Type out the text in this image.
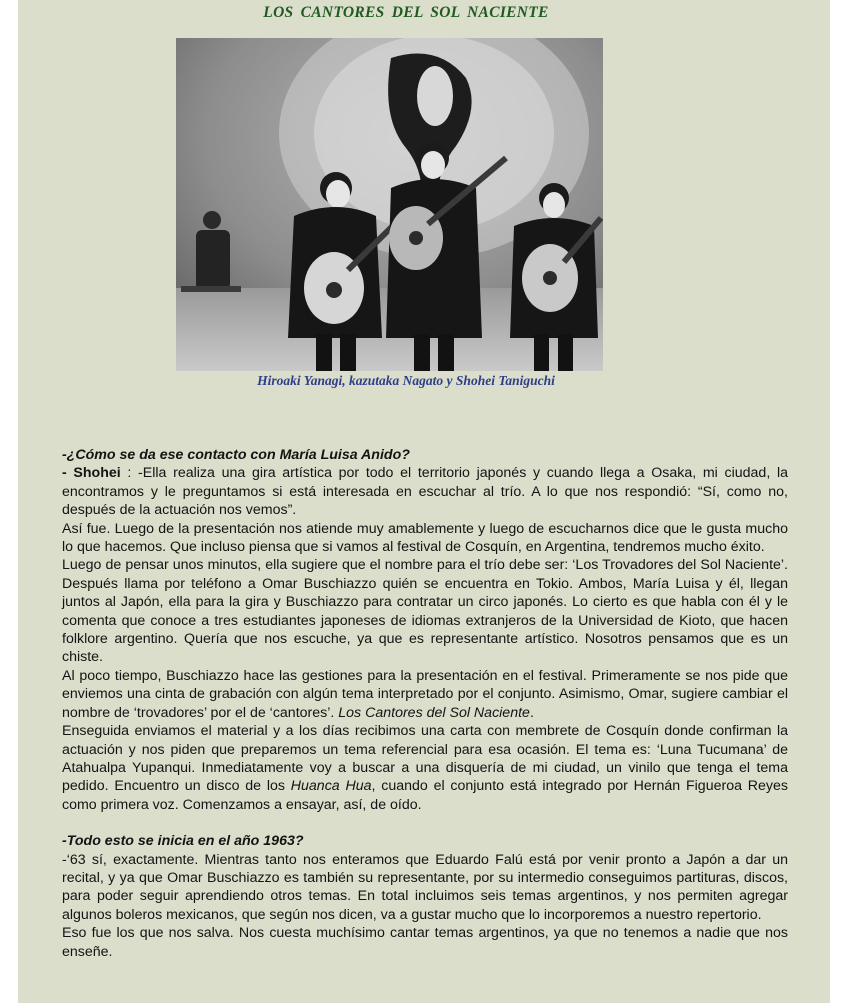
LOS CANTORES DEL SOL NACIENTE
Hiroaki Yanagi, kazutaka Nagato y Shohei Taniguchi

-¿Cómo se da ese contacto con María Luisa Anido?

- Shohei : -Ella realiza una gira artística por todo el territorio japonés y cuando llega a Osaka, mi ciudad, la encontramos y le preguntamos si está interesada en escuchar al trío. A lo que nos respondió: “Sí, como no, después de la actuación nos vemos”.

Así fue. Luego de la presentación nos atiende muy amablemente y luego de escucharnos dice que le gusta mucho lo que hacemos. Que incluso piensa que si vamos al festival de Cosquín, en Argentina, tendremos mucho éxito.

Luego de pensar unos minutos, ella sugiere que el nombre para el trío debe ser: ‘Los Trovadores del Sol Naciente’. Después llama por teléfono a Omar Buschiazzo quién se encuentra en Tokio. Ambos, María Luisa y él, llegan juntos al Japón, ella para la gira y Buschiazzo para contratar un circo japonés. Lo cierto es que habla con él y le comenta que conoce a tres estudiantes japoneses de idiomas extranjeros de la Universidad de Kioto, que hacen folklore argentino. Quería que nos escuche, ya que es representante artístico. Nosotros pensamos que es un chiste.

Al poco tiempo, Buschiazzo hace las gestiones para la presentación en el festival. Primeramente se nos pide que enviemos una cinta de grabación con algún tema interpretado por el conjunto. Asimismo, Omar, sugiere cambiar el nombre de ‘trovadores’ por el de ‘cantores’. Los Cantores del Sol Naciente.

Enseguida enviamos el material y a los días recibimos una carta con membrete de Cosquín donde confirman la actuación y nos piden que preparemos un tema referencial para esa ocasión. El tema es: ‘Luna Tucumana’ de Atahualpa Yupanqui. Inmediatamente voy a buscar a una disquería de mi ciudad, un vinilo que tenga el tema pedido. Encuentro un disco de los Huanca Hua, cuando el conjunto está integrado por Hernán Figueroa Reyes como primera voz. Comenzamos a ensayar, así, de oído.

-Todo esto se inicia en el año 1963?

-‘63 sí, exactamente. Mientras tanto nos enteramos que Eduardo Falú está por venir pronto a Japón a dar un recital, y ya que Omar Buschiazzo es también su representante, por su intermedio conseguimos partituras, discos, para poder seguir aprendiendo otros temas. En total incluimos seis temas argentinos, y nos permiten agregar algunos boleros mexicanos, que según nos dicen, va a gustar mucho que lo incorporemos a nuestro repertorio.

Eso fue los que nos salva. Nos cuesta muchísimo cantar temas argentinos, ya que no tenemos a nadie que nos enseñe.
